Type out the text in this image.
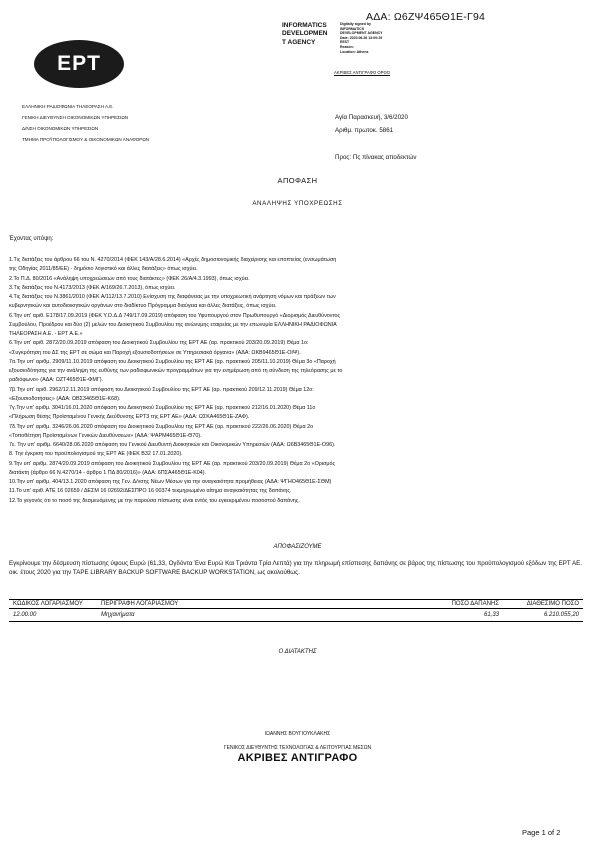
ΑΔΑ: Ω6ΖΨ465Θ1Ε-Γ94
ΕΡΤ
INFORMATICS
DEVELOPMEN
T AGENCY
Digitally signed by
INFORMATICS
DEVELOPMENT AGENCY
Date: 2020.06.26 13:00:29
EEST
Reason:
Location: Athens
ΑΚΡΙΒΕΣ ΑΝΤΙΓΡΑΦΟ ΟΡΘΟ
ΕΛΛΗΝΙΚΗ ΡΑΔΙΟΦΩΝΙΑ ΤΗΛΕΟΡΑΣΗ Α.Ε.
ΓΕΝΙΚΗ ΔΙΕΥΘΥΝΣΗ ΟΙΚΟΝΟΜΙΚΩΝ ΥΠΗΡΕΣΙΩΝ
Δ/ΝΣΗ ΟΙΚΟΝΟΜΙΚΩΝ ΥΠΗΡΕΣΙΩΝ
ΤΜΗΜΑ ΠΡΟΫΠΟΛΟΓΙΣΜΟΥ & ΟΙΚΟΝΟΜΙΚΩΝ ΑΝΑΦΟΡΩΝ
Αγία Παρασκευή, 3/6/2020
Αριθμ. πρωτοκ. 5861
Προς: Πς πίνακας αποδεκτών
ΑΠΟΦΑΣΗ
ΑΝΑΛΗΨΗΣ ΥΠΟΧΡΕΩΣΗΣ
Έχοντας υπόψη:
1.Τις διατάξεις του άρθρου 66 του Ν. 4270/2014 (ΦΕΚ 143/Α/28.6.2014) «Αρχές δημοσιονομικής διαχείρισης και εποπτείας (ενσωμάτωση
της Οδηγίας 2011/85/ΕΕ) - δημόσιο λογιστικό και άλλες διατάξεις» όπως ισχύει.
2.Το Π.Δ. 80/2016 «Ανάληψη υποχρεώσεων από τους διατάκτες» (ΦΕΚ 26/Α/4.3.1993), όπως ισχύει.
3.Τις διατάξεις του Ν.4173/2013 (ΦΕΚ Α/169/26.7.2013), όπως ισχύει.
4.Τις διατάξεις του Ν.3861/2010 (ΦΕΚ Α/112/13.7.2010) Ενίσχυση της διαφάνειας με την υποχρεωτική ανάρτηση νόμων και πράξεων των
κυβερνητικών και αυτοδιοικητικών οργάνων στο διαδίκτυο Πρόγραμμα διαύγεια και άλλες διατάξεις, όπως ισχύει.
6.Την υπ' αριθ. Ε178/17.09.2019 (ΦΕΚ Υ.Ο.Δ.Δ 749/17.09.2019) απόφαση του Υφυπουργού στον Πρωθυπουργό «Διορισμός Διευθύνοντος
Συμβούλου, Προέδρου και δύο (2) μελών του Διοικητικού Συμβουλίου της ανώνυμης εταιρείας με την επωνυμία ΕΛΛΗΝΙΚΗ ΡΑΔΙΟΦΩΝΙΑ
ΤΗΛΕΟΡΑΣΗ Α.Ε. - ΕΡΤ Α.Ε.»
6.Την υπ' αριθ. 2872/20.09.2019 απόφαση του Διοικητικού Συμβουλίου της ΕΡΤ ΑΕ (αρ. πρακτικού 203/20.09.2019) Θέμα 1ο:
«Συγκρότηση του ΔΣ της ΕΡΤ σε σώμα και Παροχή εξουσιοδοτήσεων σε Υπηρεσιακά όργανα» (ΑΔΑ: ΩΚΒ9465Θ1Ε-ΟΙΨ).
7α.Την υπ' αριθμ. 2909/11.10.2019 απόφαση του Διοικητικού Συμβουλίου της ΕΡΤ ΑΕ (αρ. πρακτικού 205/11.10.2019) Θέμα 3ο «Παροχή
εξουσιοδότησης για την ανάληψη της ευθύνης των ραδιοφωνικών προγραμμάτων για την ενημέρωση από τη σύνδεση της τηλεόρασης με το
ραδιόφωνο» (ΑΔΑ: ΩΖΤ465Θ1Ε-ΦΜΓ).
7β.Την υπ' αριθ. 2962/12.11.2019 απόφαση του Διοικητικού Συμβουλίου της ΕΡΤ ΑΕ (αρ. πρακτικού 209/12.11.2019) Θέμα 12ο:
«Εξουσιοδοτήσεις» (ΑΔΑ: ΩΒΣ3465Θ1Ε-Κ68).
7γ.Την υπ' αριθμ. 3041/16.01.2020 απόφαση του Διοικητικού Συμβουλίου της ΕΡΤ ΑΕ (αρ. πρακτικού 212/16.01.2020) Θέμα 11ο
«Πλήρωση θέσης Προϊσταμένου Γενικής Διεύθυνσης ΕΡΤ3 της ΕΡΤ ΑΕ» (ΑΔΑ: ΩΣΚΑ465Θ1Ε-ΖΑΦ).
7δ.Την υπ' αριθμ. 3246/26.06.2020 απόφαση του Διοικητικού Συμβουλίου της ΕΡΤ ΑΕ (αρ. πρακτικού 222/26.06.2020) Θέμα 2ο
«Τοποθέτηση Προϊσταμένων Γενικών Διευθύνσεων» (ΑΔΑ: ΨΑΡΜ465Θ1Ε-Θ70).
7ε. Την υπ' αριθμ. 6640/28.06.2020 απόφαση του Γενικού Διευθυντή Διοικητικών και Οικονομικών Υπηρεσιών (ΑΔΑ: Ω6Β3465Θ1Ε-Ο96).
8. Την έγκριση του προϋπολογισμού της ΕΡΤ ΑΕ (ΦΕΚ Β32 17.01.2020).
9.Την υπ' αριθμ. 2874/20.09.2019 απόφαση του Διοικητικού Συμβουλίου της ΕΡΤ ΑΕ (αρ. πρακτικού 203/20.09.2019) Θέμα 2ο «Ορισμός
διατάκτη (άρθρο 66 Ν.4270/14 - άρθρο 1 ΠΔ 80/2016)» (ΑΔΑ: 6ΠΣΑ465Θ1Ε-Κ04).
10.Την υπ' αριθμ. 404/13.1.2020 απόφαση της Γεν. Δ/νσης Νέων Μέσων για την αναγκαιότητα προμήθειας (ΑΔΑ: ΨΓΗΟ465Θ1Ε-ΣΘΜ)
11.Το υπ' αριθ. ΑΤΕ 16 02659 / ΔΕΣΜ 16 02692/ΔΕΣΠΡΟ 16 00374 τεκμηριωμένο αίτημα αναγκαιότητας της δαπάνης.
12.Το γεγονός ότι το ποσό της δεσμευόμενης με την παρούσα πίστωσης είναι εντός του εγκεκριμένου ποσοστού δαπάνης.
ΑΠΟΦΑΣΙΖΟΥΜΕ
Εγκρίνουμε την δέσμευση πίστωσης ύψους Ευρώ (61,33, Ογδόντα Ένα Ευρώ Και Τριάντα Τρία Λεπτά) για την πληρωμή επίσπεσης δαπάνης σε βάρος της πίστωσης του προϋπολογισμού εξόδων της ΕΡΤ ΑΕ. οικ. έτους 2020 για την TAPE LIBRARY BACKUP SOFTWARE BACKUP WORKSTATION, ως ακολούθως.
ΚΩΔΙΚΟΣ ΛΟΓΑΡΙΑΣΜΟΥ	ΠΕΡΙΓΡΑΦΗ ΛΟΓΑΡΙΑΣΜΟΥ	ΠΟΣΟ ΔΑΠΑΝΗΣ	ΔΙΑΘΕΣΙΜΟ ΠΟΣΟ
12.00.00	Μηχανήματα	61,33	6.210.055,20
Ο ΔΙΑΤΑΚΤΗΣ
ΙΩΑΝΝΗΣ ΒΟΥΓΙΟΥΚΛΑΚΗΣ
ΓΕΝΙΚΟΣ ΔΙΕΥΘΥΝΤΗΣ ΤΕΧΝΟΛΟΓΙΑΣ & ΛΕΙΤΟΥΡΓΙΑΣ ΜΕΣΩΝ
ΑΚΡΙΒΕΣ ΑΝΤΙΓΡΑΦΟ
Page 1 of 2
